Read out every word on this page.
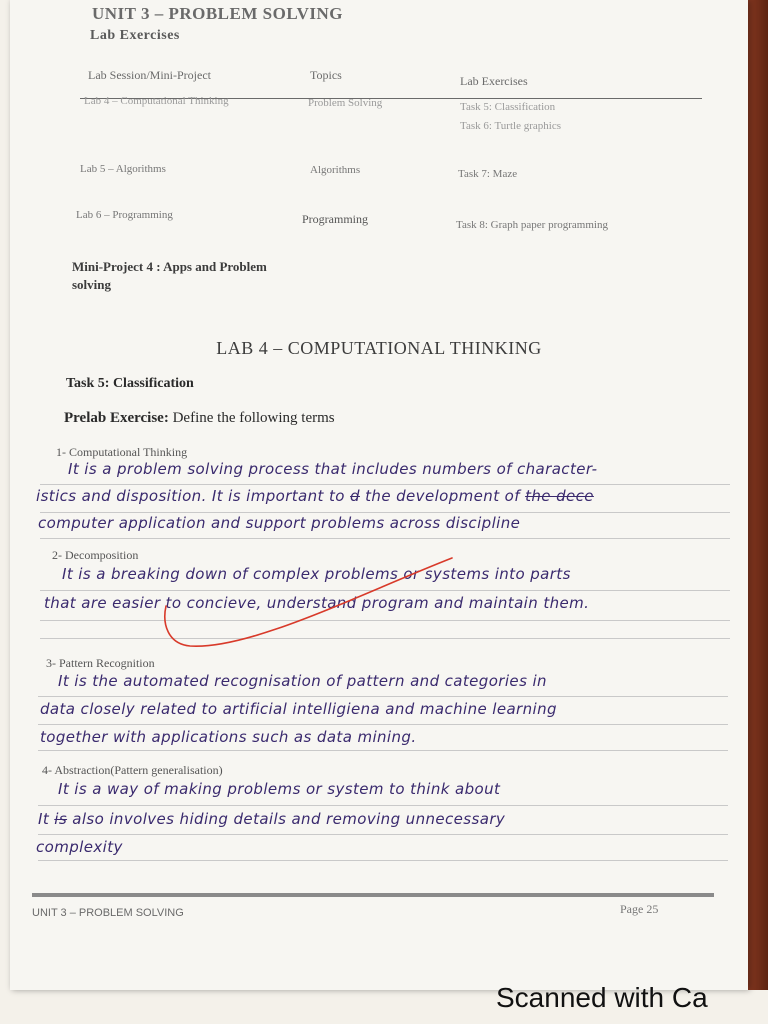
UNIT 3 – PROBLEM SOLVING
Lab Exercises
Lab Session/Mini-Project	Topics	Lab Exercises
Lab 4 – Computational Thinking	Problem Solving	Task 5: Classification
Task 6: Turtle graphics
Lab 5 – Algorithms	Algorithms	Task 7: Maze
Lab 6 – Programming	Programming	Task 8: Graph paper programming
Mini-Project 4 : Apps and Problem solving
LAB 4 – COMPUTATIONAL THINKING
Task 5: Classification
Prelab Exercise: Define the following terms
1- Computational Thinking
It is a problem solving process that includes numbers of character-
istics and disposition. It is important to d the development of the dece
computer application and support problems across discipline
2- Decomposition
It is a breaking down of complex problems or systems into parts
that are easier to concieve, understand program and maintain them.
3- Pattern Recognition
It is the automated recognisation of pattern and categories in
data closely related to artificial intelligiena and machine learning
together with applications such as data mining.
4- Abstraction(Pattern generalisation)
It is a way of making problems or system to think about
It is also involves hiding details and removing unnecessary
complexity
UNIT 3 – PROBLEM SOLVING	Page 25
Scanned with Ca
